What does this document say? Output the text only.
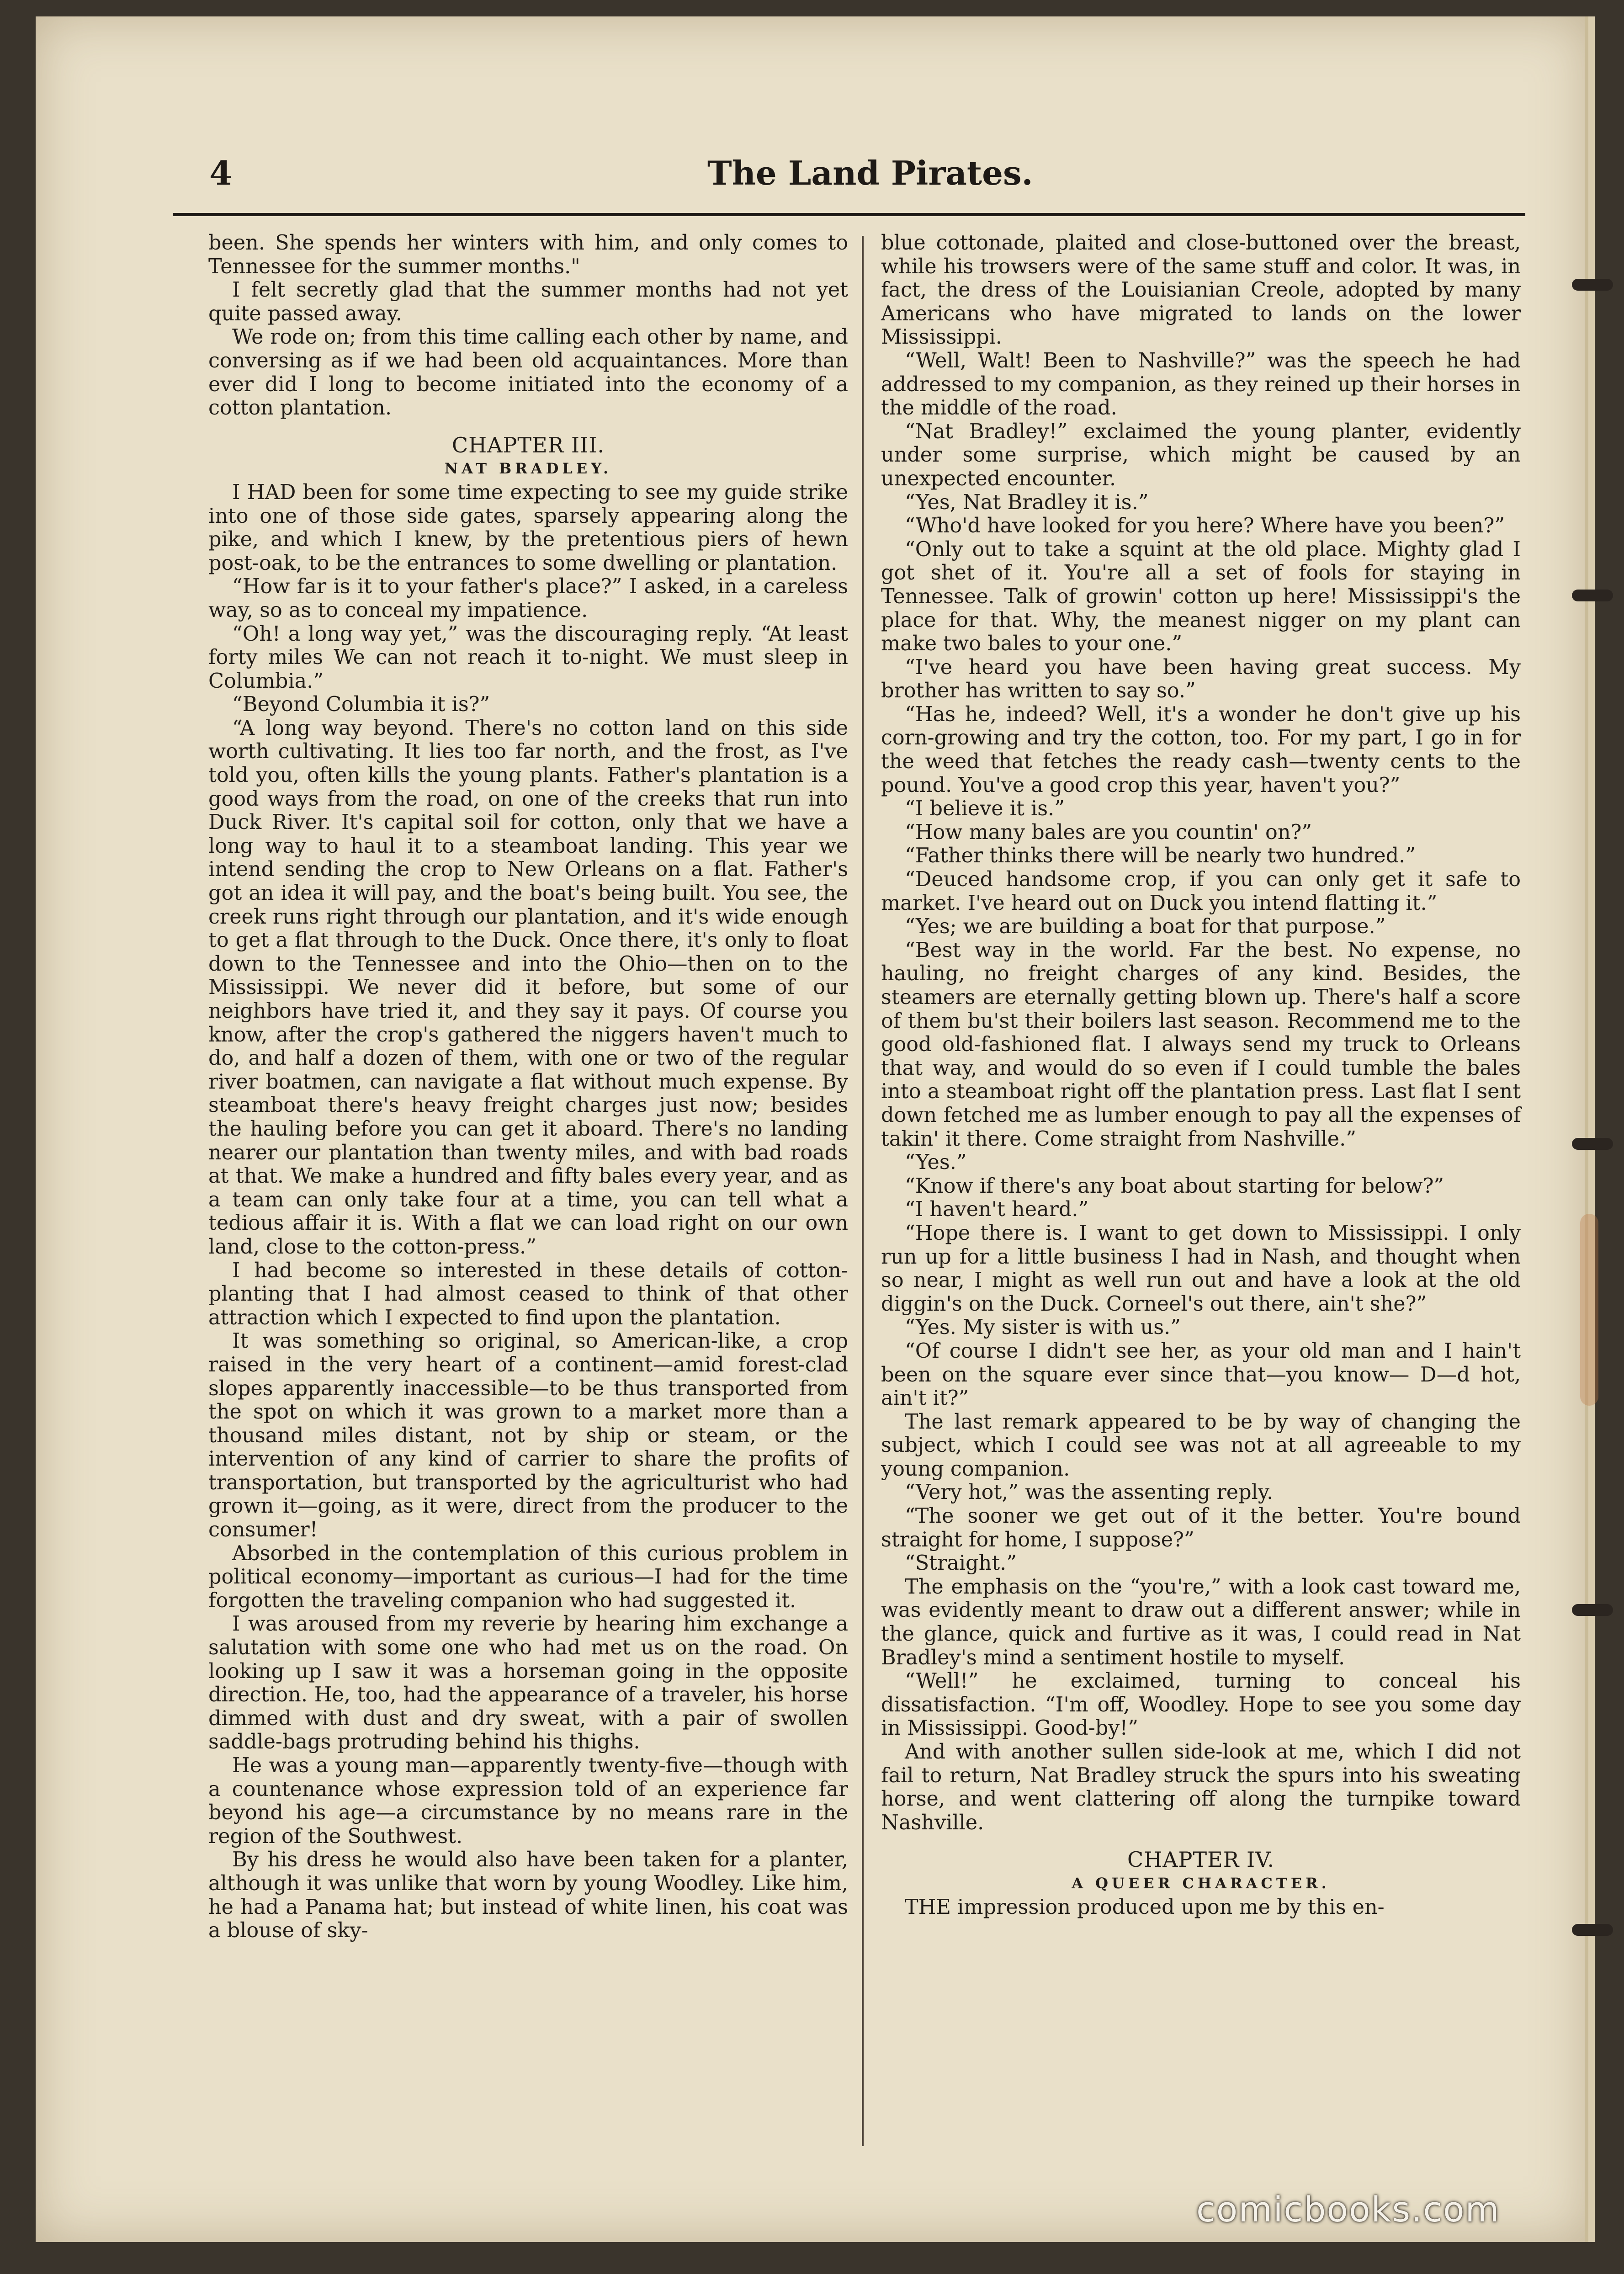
4	The Land Pirates.

been. She spends her winters with him, and only comes to Tennessee for the summer months."

I felt secretly glad that the summer months had not yet quite passed away.

We rode on; from this time calling each other by name, and conversing as if we had been old acquaintances. More than ever did I long to become initiated into the economy of a cotton plantation.

CHAPTER III.

NAT BRADLEY.

I HAD been for some time expecting to see my guide strike into one of those side gates, sparsely appearing along the pike, and which I knew, by the pretentious piers of hewn post-oak, to be the entrances to some dwelling or plantation.

“How far is it to your father's place?” I asked, in a careless way, so as to conceal my impatience.

“Oh! a long way yet,” was the discouraging reply. “At least forty miles We can not reach it to-night. We must sleep in Columbia.”

“Beyond Columbia it is?”

“A long way beyond. There's no cotton land on this side worth cultivating. It lies too far north, and the frost, as I've told you, often kills the young plants. Father's plantation is a good ways from the road, on one of the creeks that run into Duck River. It's capital soil for cotton, only that we have a long way to haul it to a steamboat landing. This year we intend sending the crop to New Orleans on a flat. Father's got an idea it will pay, and the boat's being built. You see, the creek runs right through our plantation, and it's wide enough to get a flat through to the Duck. Once there, it's only to float down to the Tennessee and into the Ohio—then on to the Mississippi. We never did it before, but some of our neighbors have tried it, and they say it pays. Of course you know, after the crop's gathered the niggers haven't much to do, and half a dozen of them, with one or two of the regular river boatmen, can navigate a flat without much expense. By steamboat there's heavy freight charges just now; besides the hauling before you can get it aboard. There's no landing nearer our plantation than twenty miles, and with bad roads at that. We make a hundred and fifty bales every year, and as a team can only take four at a time, you can tell what a tedious affair it is. With a flat we can load right on our own land, close to the cotton-press.”

I had become so interested in these details of cotton-planting that I had almost ceased to think of that other attraction which I expected to find upon the plantation.

It was something so original, so American-like, a crop raised in the very heart of a continent—amid forest-clad slopes apparently inaccessible—to be thus transported from the spot on which it was grown to a market more than a thousand miles distant, not by ship or steam, or the intervention of any kind of carrier to share the profits of transportation, but transported by the agriculturist who had grown it—going, as it were, direct from the producer to the consumer!

Absorbed in the contemplation of this curious problem in political economy—important as curious—I had for the time forgotten the traveling companion who had suggested it.

I was aroused from my reverie by hearing him exchange a salutation with some one who had met us on the road. On looking up I saw it was a horseman going in the opposite direction. He, too, had the appearance of a traveler, his horse dimmed with dust and dry sweat, with a pair of swollen saddle-bags protruding behind his thighs.

He was a young man—apparently twenty-five—though with a countenance whose expression told of an experience far beyond his age—a circumstance by no means rare in the region of the Southwest.

By his dress he would also have been taken for a planter, although it was unlike that worn by young Woodley. Like him, he had a Panama hat; but instead of white linen, his coat was a blouse of sky-

blue cottonade, plaited and close-buttoned over the breast, while his trowsers were of the same stuff and color. It was, in fact, the dress of the Louisianian Creole, adopted by many Americans who have migrated to lands on the lower Mississippi.

“Well, Walt! Been to Nashville?” was the speech he had addressed to my companion, as they reined up their horses in the middle of the road.

“Nat Bradley!” exclaimed the young planter, evidently under some surprise, which might be caused by an unexpected encounter.

“Yes, Nat Bradley it is.”

“Who'd have looked for you here? Where have you been?”

“Only out to take a squint at the old place. Mighty glad I got shet of it. You're all a set of fools for staying in Tennessee. Talk of growin' cotton up here! Mississippi's the place for that. Why, the meanest nigger on my plant can make two bales to your one.”

“I've heard you have been having great success. My brother has written to say so.”

“Has he, indeed? Well, it's a wonder he don't give up his corn-growing and try the cotton, too. For my part, I go in for the weed that fetches the ready cash—twenty cents to the pound. You've a good crop this year, haven't you?”

“I believe it is.”

“How many bales are you countin' on?”

“Father thinks there will be nearly two hundred.”

“Deuced handsome crop, if you can only get it safe to market. I've heard out on Duck you intend flatting it.”

“Yes; we are building a boat for that purpose.”

“Best way in the world. Far the best. No expense, no hauling, no freight charges of any kind. Besides, the steamers are eternally getting blown up. There's half a score of them bu'st their boilers last season. Recommend me to the good old-fashioned flat. I always send my truck to Orleans that way, and would do so even if I could tumble the bales into a steamboat right off the plantation press. Last flat I sent down fetched me as lumber enough to pay all the expenses of takin' it there. Come straight from Nashville.”

“Yes.”

“Know if there's any boat about starting for below?”

“I haven't heard.”

“Hope there is. I want to get down to Mississippi. I only run up for a little business I had in Nash, and thought when so near, I might as well run out and have a look at the old diggin's on the Duck. Corneel's out there, ain't she?”

“Yes. My sister is with us.”

“Of course I didn't see her, as your old man and I hain't been on the square ever since that—you know— D—d hot, ain't it?”

The last remark appeared to be by way of changing the subject, which I could see was not at all agreeable to my young companion.

“Very hot,” was the assenting reply.

“The sooner we get out of it the better. You're bound straight for home, I suppose?”

“Straight.”

The emphasis on the “you're,” with a look cast toward me, was evidently meant to draw out a different answer; while in the glance, quick and furtive as it was, I could read in Nat Bradley's mind a sentiment hostile to myself.

“Well!” he exclaimed, turning to conceal his dissatisfaction. “I'm off, Woodley. Hope to see you some day in Mississippi. Good-by!”

And with another sullen side-look at me, which I did not fail to return, Nat Bradley struck the spurs into his sweating horse, and went clattering off along the turnpike toward Nashville.

CHAPTER IV.

A QUEER CHARACTER.

THE impression produced upon me by this en-

comicbooks.com
